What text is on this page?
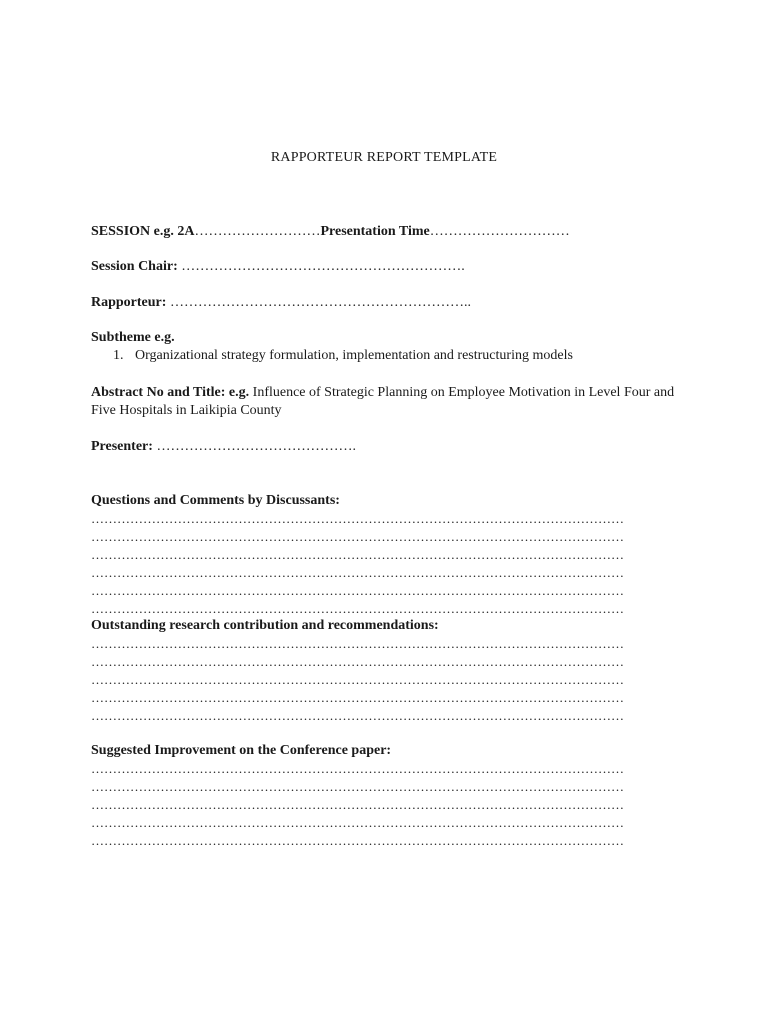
RAPPORTEUR REPORT TEMPLATE
SESSION e.g. 2A………………………Presentation Time…………………………
Session Chair: …………………………………………………….
Rapporteur: ………………………………………………………..
Subtheme e.g.
1. Organizational strategy formulation, implementation and restructuring models
Abstract No and Title: e.g. Influence of Strategic Planning on Employee Motivation in Level Four and Five Hospitals in Laikipia County
Presenter: …………………………………….
Questions and Comments by Discussants:
……………………………………………………………………………………………………………
……………………………………………………………………………………………………………
……………………………………………………………………………………………………………
……………………………………………………………………………………………………………
……………………………………………………………………………………………………………
……………………………………………………………………………………………………………
Outstanding research contribution and recommendations:
……………………………………………………………………………………………………………
……………………………………………………………………………………………………………
……………………………………………………………………………………………………………
……………………………………………………………………………………………………………
……………………………………………………………………………………………………………
Suggested Improvement on the Conference paper:
……………………………………………………………………………………………………………
……………………………………………………………………………………………………………
……………………………………………………………………………………………………………
……………………………………………………………………………………………………………
……………………………………………………………………………………………………………
